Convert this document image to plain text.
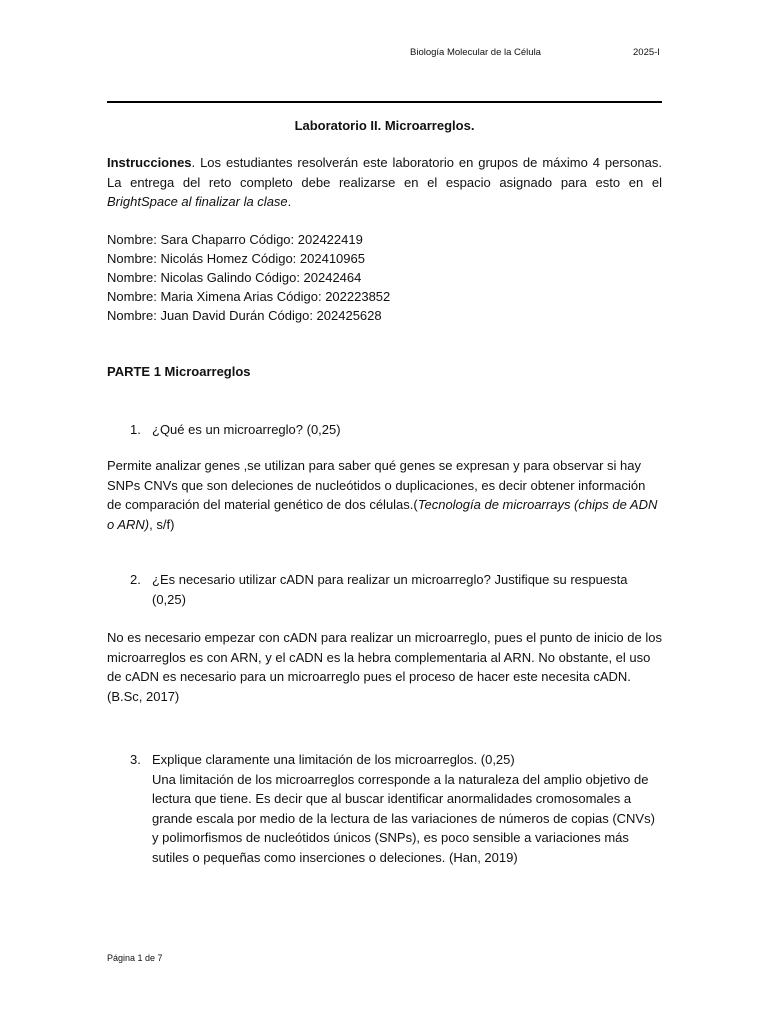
Biología Molecular de la Célula	2025-I
Laboratorio II. Microarreglos.
Instrucciones. Los estudiantes resolverán este laboratorio en grupos de máximo 4 personas. La entrega del reto completo debe realizarse en el espacio asignado para esto en el BrightSpace al finalizar la clase.
Nombre: Sara Chaparro Código: 202422419
Nombre: Nicolás Homez Código: 202410965
Nombre: Nicolas Galindo Código: 20242464
Nombre: Maria Ximena Arias Código: 202223852
Nombre: Juan David Durán Código: 202425628
PARTE 1 Microarreglos
1. ¿Qué es un microarreglo? (0,25)
Permite analizar genes ,se utilizan para saber qué genes se expresan y para observar si hay SNPs CNVs que son deleciones de nucleótidos o duplicaciones, es decir obtener información de comparación del material genético de dos células.(Tecnología de microarrays (chips de ADN o ARN), s/f)
2. ¿Es necesario utilizar cADN para realizar un microarreglo? Justifique su respuesta (0,25)
No es necesario empezar con cADN para realizar un microarreglo, pues el punto de inicio de los microarreglos es con ARN, y el cADN es la hebra complementaria al ARN. No obstante, el uso de cADN es necesario para un microarreglo pues el proceso de hacer este necesita cADN. (B.Sc, 2017)
3. Explique claramente una limitación de los microarreglos. (0,25)
Una limitación de los microarreglos corresponde a la naturaleza del amplio objetivo de lectura que tiene. Es decir que al buscar identificar anormalidades cromosomales a grande escala por medio de la lectura de las variaciones de números de copias (CNVs) y polimorfismos de nucleótidos únicos (SNPs), es poco sensible a variaciones más sutiles o pequeñas como inserciones o deleciones. (Han, 2019)
Página 1 de 7
